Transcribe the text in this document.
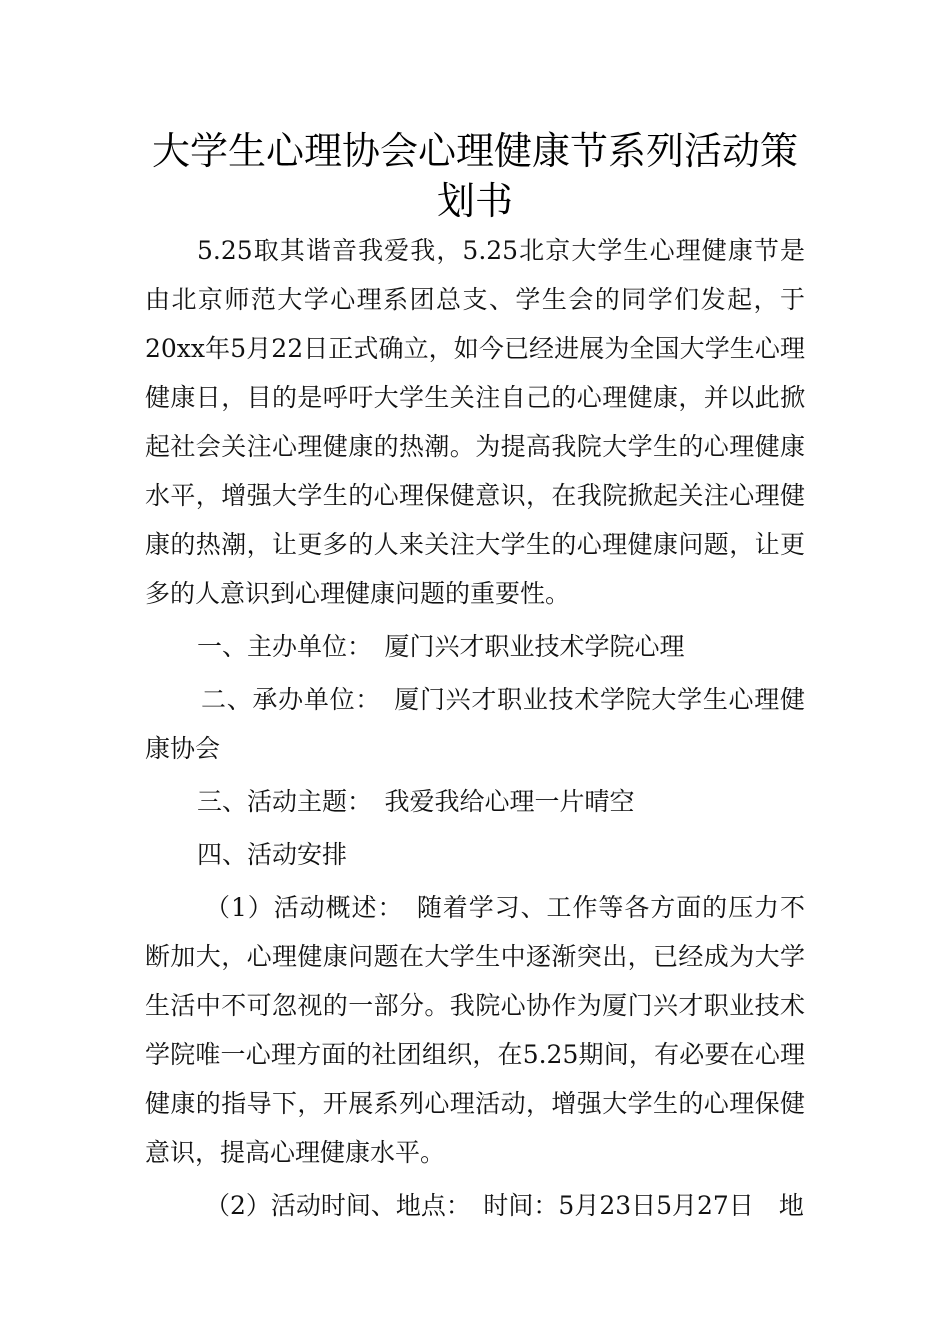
大学生心理协会心理健康节系列活动策划书

5.25取其谐音我爱我，5.25北京大学生心理健康节是由北京师范大学心理系团总支、学生会的同学们发起，于20xx年5月22日正式确立，如今已经进展为全国大学生心理健康日，目的是呼吁大学生关注自己的心理健康，并以此掀起社会关注心理健康的热潮。为提高我院大学生的心理健康水平，增强大学生的心理保健意识，在我院掀起关注心理健康的热潮，让更多的人来关注大学生的心理健康问题，让更多的人意识到心理健康问题的重要性。

一、主办单位：　厦门兴才职业技术学院心理

二、承办单位：　厦门兴才职业技术学院大学生心理健康协会

三、活动主题：　我爱我给心理一片晴空

四、活动安排

（1）活动概述：　随着学习、工作等各方面的压力不断加大，心理健康问题在大学生中逐渐突出，已经成为大学生活中不可忽视的一部分。我院心协作为厦门兴才职业技术学院唯一心理方面的社团组织，在5.25期间，有必要在心理健康的指导下，开展系列心理活动，增强大学生的心理保健意识，提高心理健康水平。

（2）活动时间、地点：　时间：5月23日5月27日　地
